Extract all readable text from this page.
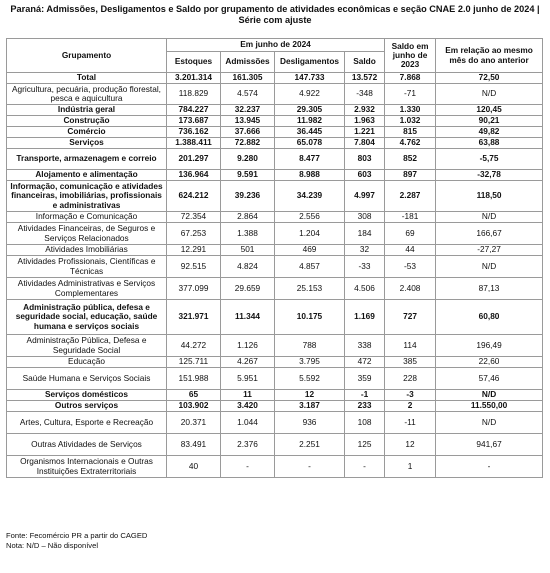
Paraná: Admissões, Desligamentos e Saldo por grupamento de atividades econômicas e seção CNAE 2.0 junho de 2024 | Série com ajuste
Grupamento	Em junho de 2024				Saldo em junho de 2023	Em relação ao mesmo mês do ano anterior
	Estoques	Admissões	Desligamentos	Saldo		
Total	3.201.314	161.305	147.733	13.572	7.868	72,50
Agricultura, pecuária, produção florestal, pesca e aquicultura	118.829	4.574	4.922	-348	-71	N/D
Indústria geral	784.227	32.237	29.305	2.932	1.330	120,45
Construção	173.687	13.945	11.982	1.963	1.032	90,21
Comércio	736.162	37.666	36.445	1.221	815	49,82
Serviços	1.388.411	72.882	65.078	7.804	4.762	63,88
Transporte, armazenagem e correio	201.297	9.280	8.477	803	852	-5,75
Alojamento e alimentação	136.964	9.591	8.988	603	897	-32,78
Informação, comunicação e atividades financeiras, imobiliárias, profissionais e administrativas	624.212	39.236	34.239	4.997	2.287	118,50
Informação e Comunicação	72.354	2.864	2.556	308	-181	N/D
Atividades Financeiras, de Seguros e Serviços Relacionados	67.253	1.388	1.204	184	69	166,67
Atividades Imobiliárias	12.291	501	469	32	44	-27,27
Atividades Profissionais, Científicas e Técnicas	92.515	4.824	4.857	-33	-53	N/D
Atividades Administrativas e Serviços Complementares	377.099	29.659	25.153	4.506	2.408	87,13
Administração pública, defesa e seguridade social, educação, saúde humana e serviços sociais	321.971	11.344	10.175	1.169	727	60,80
Administração Pública, Defesa e Seguridade Social	44.272	1.126	788	338	114	196,49
Educação	125.711	4.267	3.795	472	385	22,60
Saúde Humana e Serviços Sociais	151.988	5.951	5.592	359	228	57,46
Serviços domésticos	65	11	12	-1	-3	N/D
Outros serviços	103.902	3.420	3.187	233	2	11.550,00
Artes, Cultura, Esporte e Recreação	20.371	1.044	936	108	-11	N/D
Outras Atividades de Serviços	83.491	2.376	2.251	125	12	941,67
Organismos Internacionais e Outras Instituições Extraterritoriais	40	-	-	-	1	-
Fonte: Fecomércio PR a partir do CAGED
Nota: N/D – Não disponível
